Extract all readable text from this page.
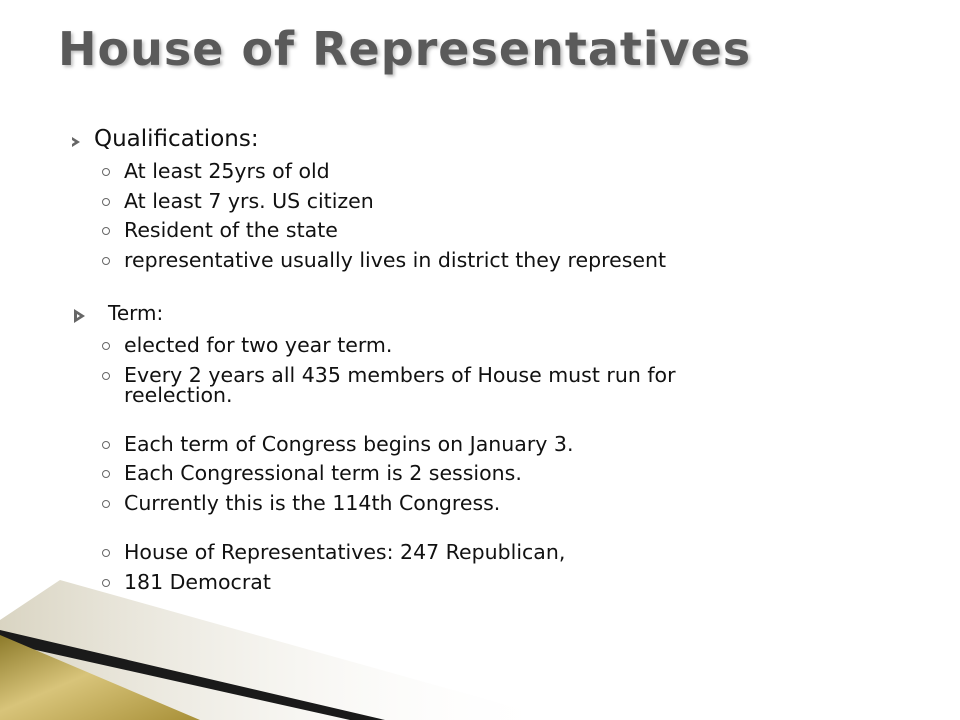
House of Representatives
Qualifications:
At least 25yrs of old
At least 7 yrs. US citizen
Resident of the state
representative usually lives in district they represent
Term:
elected for two year term.
Every 2 years all 435 members of House must run for
reelection.
Each term of Congress begins on January 3.
Each Congressional term is 2 sessions.
Currently this is the 114th Congress.
House of Representatives: 247 Republican,
181 Democrat
